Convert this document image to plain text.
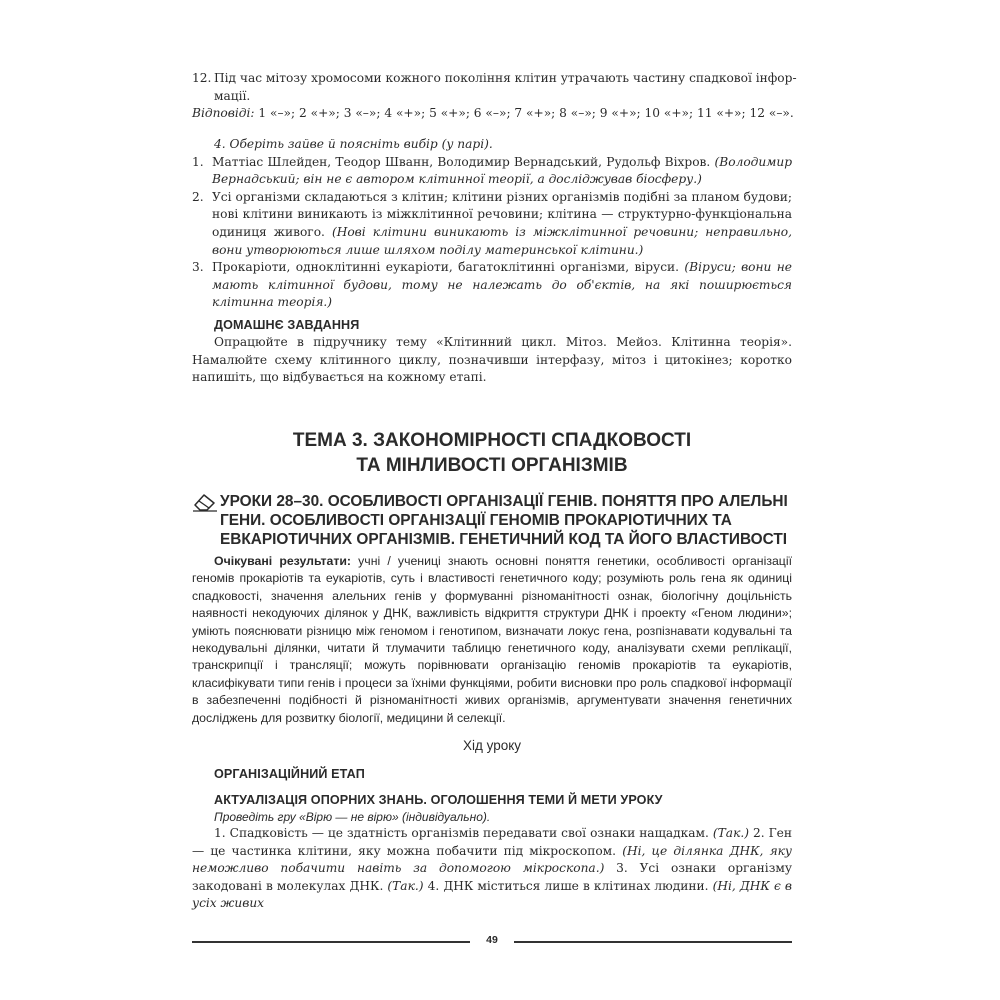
12. Під час мітозу хромосоми кожного покоління клітин утрачають частину спадкової інфор-
мації.
Відповіді: 1 «–»; 2 «+»; 3 «–»; 4 «+»; 5 «+»; 6 «–»; 7 «+»; 8 «–»; 9 «+»; 10 «+»; 11 «+»; 12 «–».
4. Оберіть зайве й поясніть вибір (у парі).
1. Маттіас Шлейден, Теодор Шванн, Володимир Вернадський, Рудольф Віхров. (Володимир Вернадський; він не є автором клітинної теорії, а досліджував біосферу.)
2. Усі організми складаються з клітин; клітини різних організмів подібні за планом будови; нові клітини виникають із міжклітинної речовини; клітина — структурно-функціональна одиниця живого. (Нові клітини виникають із міжклітинної речовини; неправильно, вони утворюються лише шляхом поділу материнської клітини.)
3. Прокаріоти, одноклітинні еукаріоти, багатоклітинні організми, віруси. (Віруси; вони не мають клітинної будови, тому не належать до об'єктів, на які поширюється клітинна теорія.)
ДОМАШНЄ ЗАВДАННЯ
Опрацюйте в підручнику тему «Клітинний цикл. Мітоз. Мейоз. Клітинна теорія». Намалюйте схему клітинного циклу, позначивши інтерфазу, мітоз і цитокінез; коротко напишіть, що відбувається на кожному етапі.
ТЕМА 3. ЗАКОНОМІРНОСТІ СПАДКОВОСТІ
ТА МІНЛИВОСТІ ОРГАНІЗМІВ
УРОКИ 28–30. ОСОБЛИВОСТІ ОРГАНІЗАЦІЇ ГЕНІВ. ПОНЯТТЯ ПРО АЛЕЛЬНІ ГЕНИ. ОСОБЛИВОСТІ ОРГАНІЗАЦІЇ ГЕНОМІВ ПРОКАРІОТИЧНИХ ТА ЕВКАРІОТИЧНИХ ОРГАНІЗМІВ. ГЕНЕТИЧНИЙ КОД ТА ЙОГО ВЛАСТИВОСТІ
Очікувані результати: учні / учениці знають основні поняття генетики, особливості організації геномів прокаріотів та еукаріотів, суть і властивості генетичного коду; розуміють роль гена як одиниці спадковості, значення алельних генів у формуванні різноманітності ознак, біологічну доцільність наявності некодуючих ділянок у ДНК, важливість відкриття структури ДНК і проекту «Геном людини»; уміють пояснювати різницю між геномом і генотипом, визначати локус гена, розпізнавати кодувальні та некодувальні ділянки, читати й тлумачити таблицю генетичного коду, аналізувати схеми реплікації, транскрипції і трансляції; можуть порівнювати організацію геномів прокаріотів та еукаріотів, класифікувати типи генів і процеси за їхніми функціями, робити висновки про роль спадкової інформації в забезпеченні подібності й різноманітності живих організмів, аргументувати значення генетичних досліджень для розвитку біології, медицини й селекції.
Хід уроку
ОРГАНІЗАЦІЙНИЙ ЕТАП
АКТУАЛІЗАЦІЯ ОПОРНИХ ЗНАНЬ. ОГОЛОШЕННЯ ТЕМИ Й МЕТИ УРОКУ
Проведіть гру «Вірю — не вірю» (індивідуально).
1. Спадковість — це здатність організмів передавати свої ознаки нащадкам. (Так.) 2. Ген — це частинка клітини, яку можна побачити під мікроскопом. (Ні, це ділянка ДНК, яку неможливо побачити навіть за допомогою мікроскопа.) 3. Усі ознаки організму закодовані в молекулах ДНК. (Так.) 4. ДНК міститься лише в клітинах людини. (Ні, ДНК є в усіх живих
49
